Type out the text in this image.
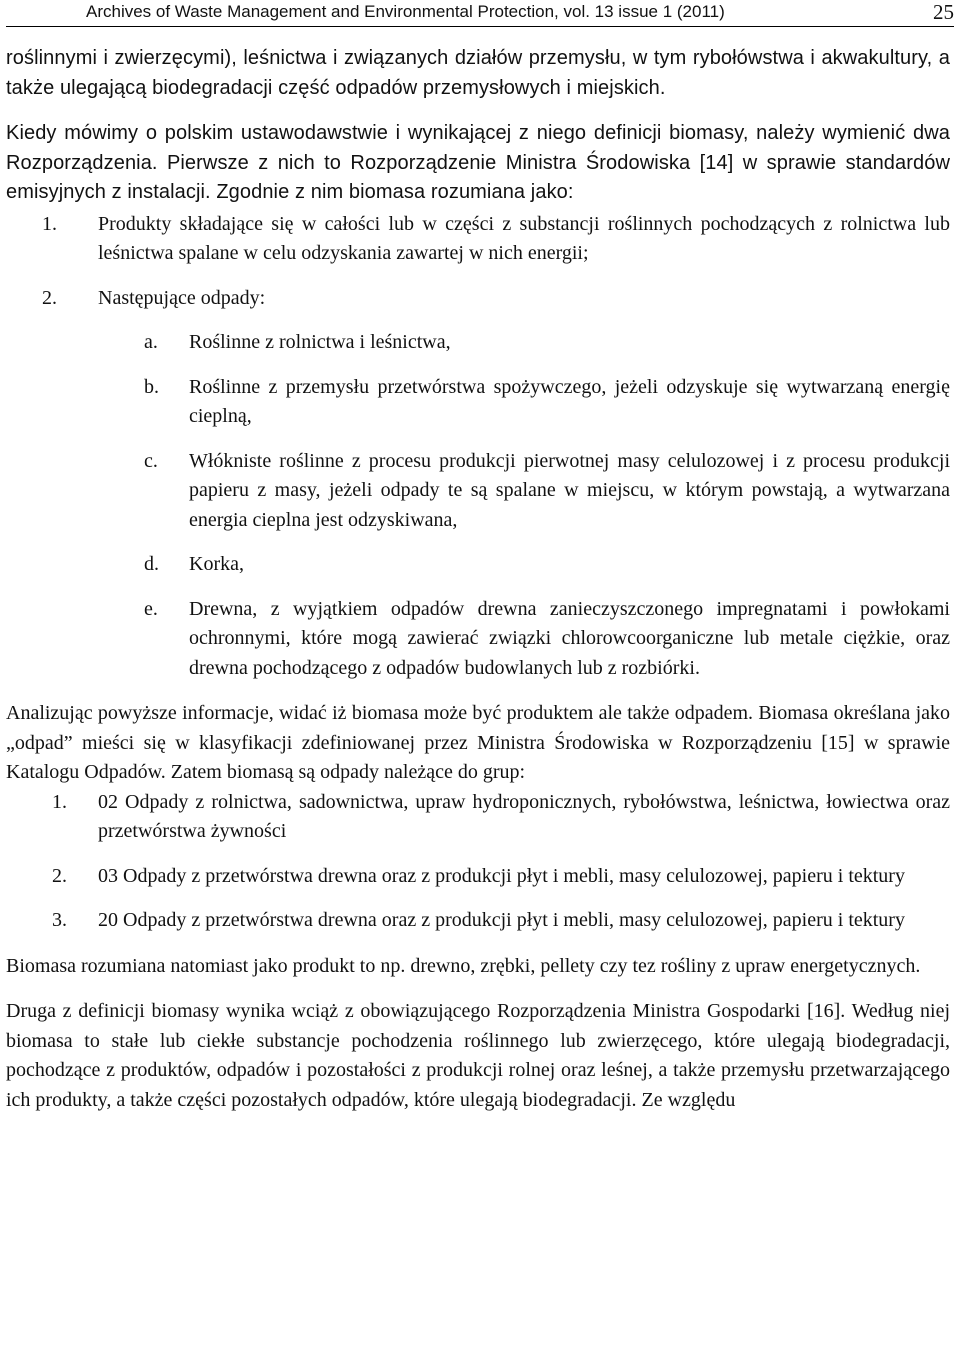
Archives of Waste Management and Environmental Protection, vol. 13 issue 1 (2011)	25

roślinnymi i zwierzęcymi), leśnictwa i związanych działów przemysłu, w tym rybołówstwa i akwakultury, a także ulegającą biodegradacji część odpadów przemysłowych i miejskich.

Kiedy mówimy o polskim ustawodawstwie i wynikającej z niego definicji biomasy, należy wymienić dwa Rozporządzenia. Pierwsze z nich to Rozporządzenie Ministra Środowiska [14] w sprawie standardów emisyjnych z instalacji. Zgodnie z nim biomasa rozumiana jako:

1.	Produkty składające się w całości lub w części z substancji roślinnych pochodzących z rolnictwa lub leśnictwa spalane w celu odzyskania zawartej w nich energii;
2.	Następujące odpady:
a.	Roślinne z rolnictwa i leśnictwa,
b.	Roślinne z przemysłu przetwórstwa spożywczego, jeżeli odzyskuje się wytwarzaną energię cieplną,
c.	Włókniste roślinne z procesu produkcji pierwotnej masy celulozowej i z procesu produkcji papieru z masy, jeżeli odpady te są spalane w miejscu, w którym powstają, a wytwarzana energia cieplna jest odzyskiwana,
d.	Korka,
e.	Drewna, z wyjątkiem odpadów drewna zanieczyszczonego impregnatami i powłokami ochronnymi, które mogą zawierać związki chlorowcoorganiczne lub metale ciężkie, oraz drewna pochodzącego z odpadów budowlanych lub z rozbiórki.

Analizując powyższe informacje, widać iż biomasa może być produktem ale także odpadem. Biomasa określana jako „odpad” mieści się w klasyfikacji zdefiniowanej przez Ministra Środowiska w Rozporządzeniu [15] w sprawie Katalogu Odpadów. Zatem biomasą są odpady należące do grup:

1.	02 Odpady z rolnictwa, sadownictwa, upraw hydroponicznych, rybołówstwa, leśnictwa, łowiectwa oraz przetwórstwa żywności
2.	03 Odpady z przetwórstwa drewna oraz z produkcji płyt i mebli, masy celulozowej, papieru i tektury
3.	20 Odpady z przetwórstwa drewna oraz z produkcji płyt i mebli, masy celulozowej, papieru i tektury

Biomasa rozumiana natomiast jako produkt to np. drewno, zrębki, pellety czy tez rośliny z upraw energetycznych.

Druga z definicji biomasy wynika wciąż z obowiązującego Rozporządzenia Ministra Gospodarki [16]. Według niej biomasa to stałe lub ciekłe substancje pochodzenia roślinnego lub zwierzęcego, które ulegają biodegradacji, pochodzące z produktów, odpadów i pozostałości z produkcji rolnej oraz leśnej, a także przemysłu przetwarzającego ich produkty, a także części pozostałych odpadów, które ulegają biodegradacji. Ze względu
